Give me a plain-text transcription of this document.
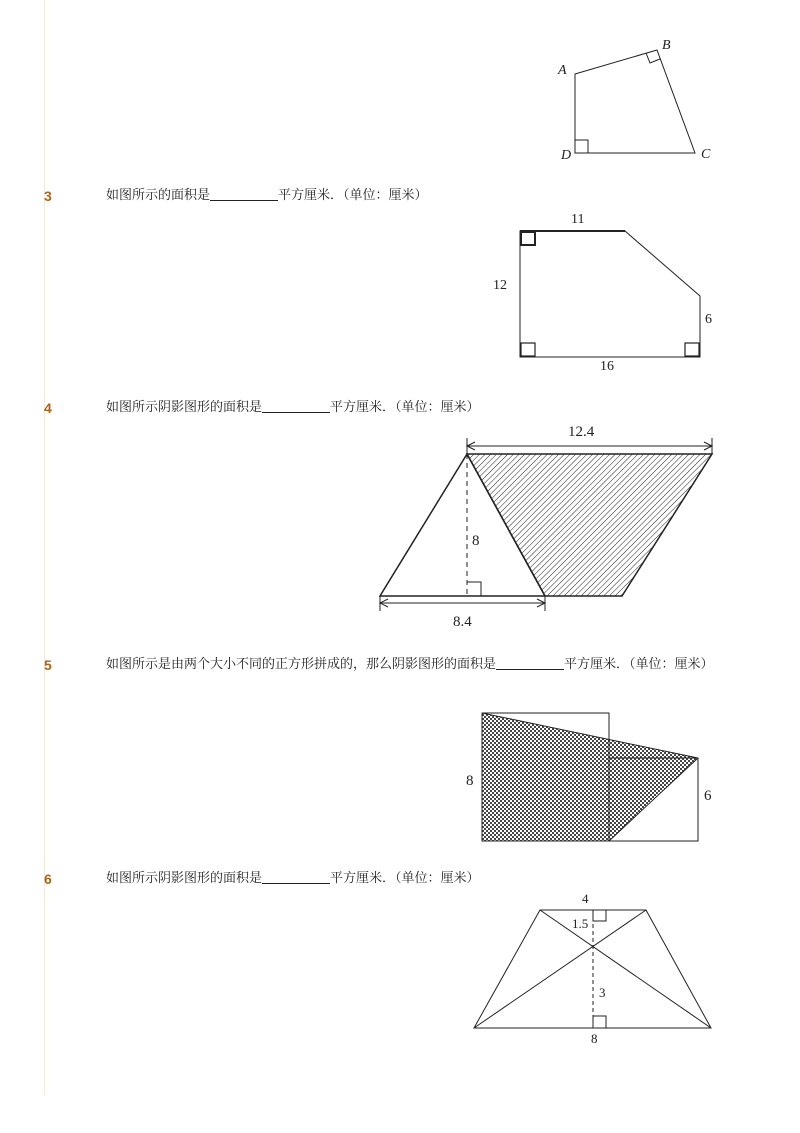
A
B
C
D
3	如图所示的面积是	平方厘米．（单位：厘米）
11
12
6
16
4	如图所示阴影图形的面积是	平方厘米．（单位：厘米）
12.4
8
8.4
5	如图所示是由两个大小不同的正方形拼成的，那么阴影图形的面积是	平方厘米．（单位：厘米）
8
6
6	如图所示阴影图形的面积是	平方厘米．（单位：厘米）
4
1.5
3
8
